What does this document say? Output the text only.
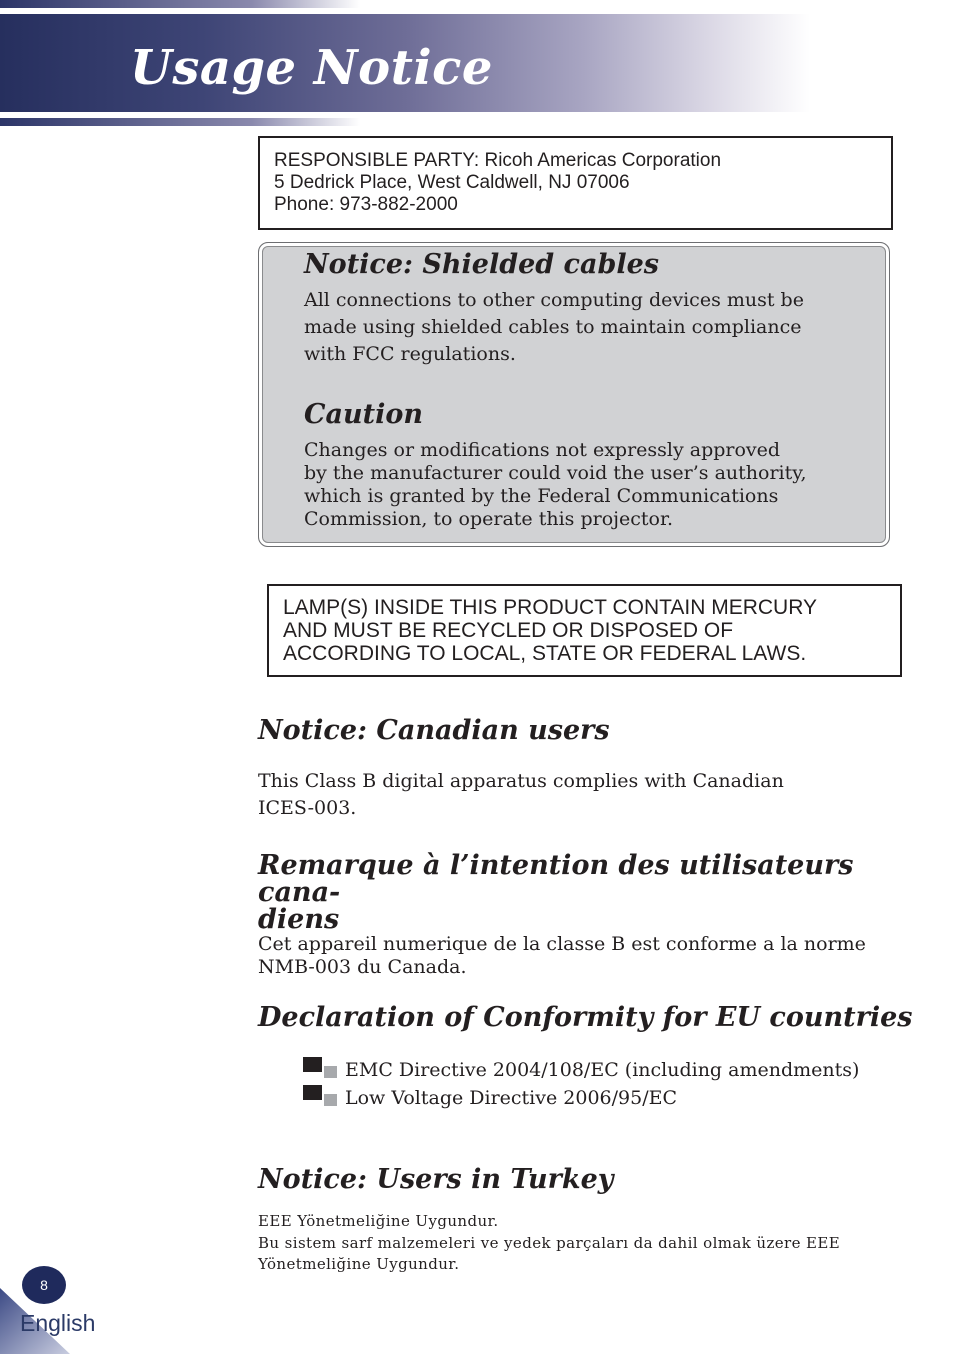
Usage Notice
RESPONSIBLE PARTY: Ricoh Americas Corporation
5 Dedrick Place, West Caldwell, NJ 07006
Phone: 973-882-2000
Notice: Shielded cables
All connections to other computing devices must be
made using shielded cables to maintain compliance
with FCC regulations.
Caution
Changes or modifications not expressly approved
by the manufacturer could void the user’s authority,
which is granted by the Federal Communications
Commission, to operate this projector.
LAMP(S) INSIDE THIS PRODUCT CONTAIN MERCURY
AND MUST BE RECYCLED OR DISPOSED OF
ACCORDING TO LOCAL, STATE OR FEDERAL LAWS.
Notice: Canadian users
This Class B digital apparatus complies with Canadian
ICES-003.
Remarque à l’intention des utilisateurs cana-
diens
Cet appareil numerique de la classe B est conforme a la norme
NMB-003 du Canada.
Declaration of Conformity for EU countries
EMC Directive 2004/108/EC (including amendments)
Low Voltage Directive 2006/95/EC
Notice: Users in Turkey
EEE Yönetmeliğine Uygundur.
Bu sistem sarf malzemeleri ve yedek parçaları da dahil olmak üzere EEE
Yönetmeliğine Uygundur.
8
English
